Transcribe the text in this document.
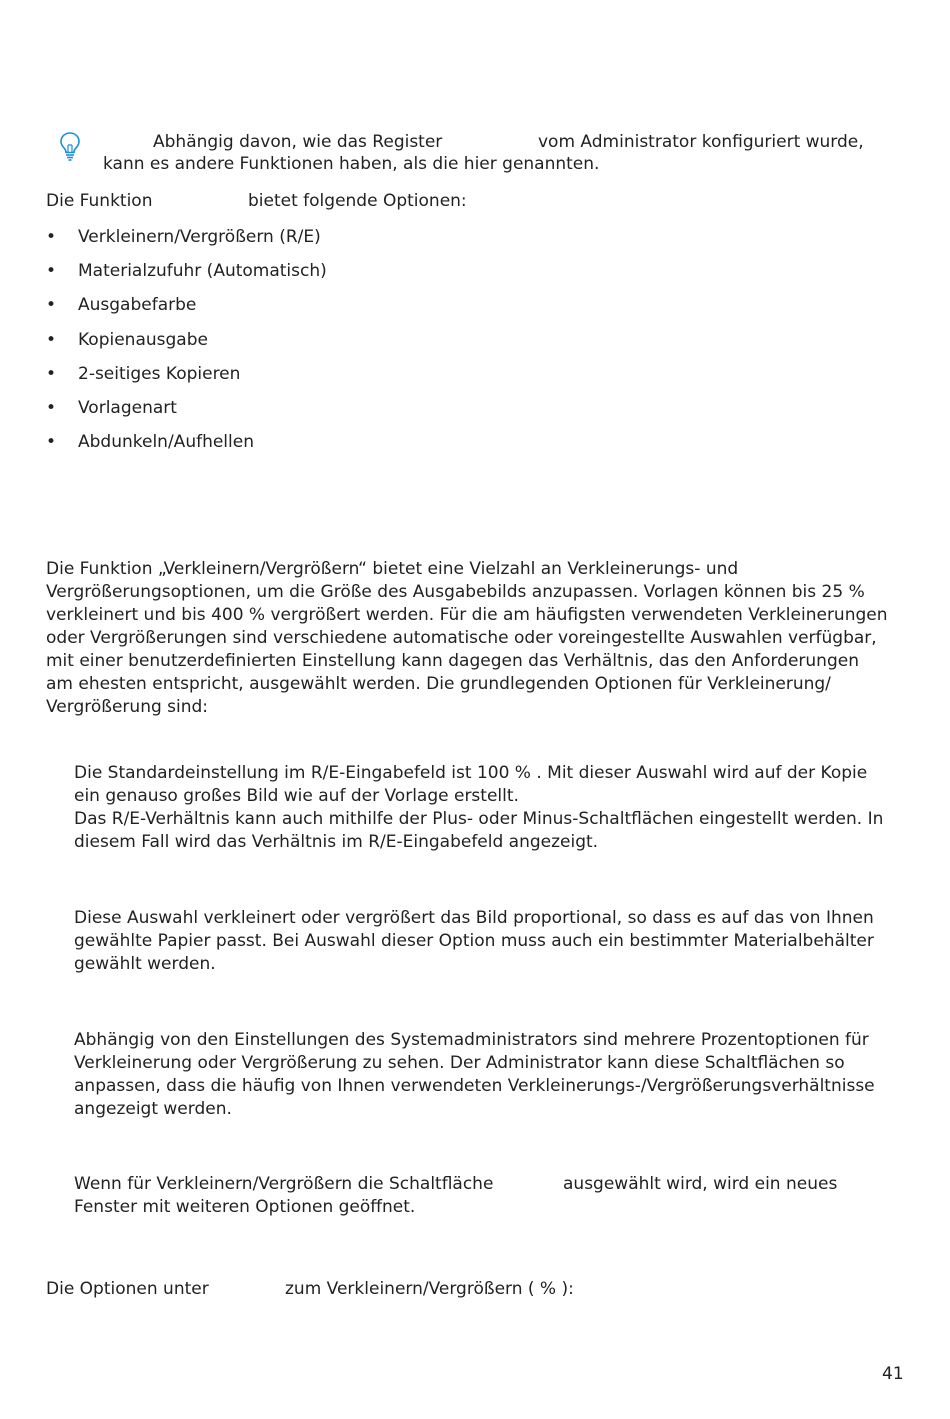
Abhängig davon, wie das Register	vom Administrator konfiguriert wurde,

kann es andere Funktionen haben, als die hier genannten.

Die Funktion	bietet folgende Optionen:

• Verkleinern/Vergrößern (R/E)
• Materialzufuhr (Automatisch)
• Ausgabefarbe
• Kopienausgabe
• 2-seitiges Kopieren
• Vorlagenart
• Abdunkeln/Aufhellen

Die Funktion „Verkleinern/Vergrößern“ bietet eine Vielzahl an Verkleinerungs- und

Vergrößerungsoptionen, um die Größe des Ausgabebilds anzupassen. Vorlagen können bis 25 %

verkleinert und bis 400 % vergrößert werden. Für die am häufigsten verwendeten Verkleinerungen

oder Vergrößerungen sind verschiedene automatische oder voreingestellte Auswahlen verfügbar,

mit einer benutzerdefinierten Einstellung kann dagegen das Verhältnis, das den Anforderungen

am ehesten entspricht, ausgewählt werden. Die grundlegenden Optionen für Verkleinerung/

Vergrößerung sind:

Die Standardeinstellung im R/E-Eingabefeld ist 100 % . Mit dieser Auswahl wird auf der Kopie

ein genauso großes Bild wie auf der Vorlage erstellt.

Das R/E-Verhältnis kann auch mithilfe der Plus- oder Minus-Schaltflächen eingestellt werden. In

diesem Fall wird das Verhältnis im R/E-Eingabefeld angezeigt.

Diese Auswahl verkleinert oder vergrößert das Bild proportional, so dass es auf das von Ihnen

gewählte Papier passt. Bei Auswahl dieser Option muss auch ein bestimmter Materialbehälter

gewählt werden.

Abhängig von den Einstellungen des Systemadministrators sind mehrere Prozentoptionen für

Verkleinerung oder Vergrößerung zu sehen. Der Administrator kann diese Schaltflächen so

anpassen, dass die häufig von Ihnen verwendeten Verkleinerungs-/Vergrößerungsverhältnisse

angezeigt werden.

Wenn für Verkleinern/Vergrößern die Schaltfläche	ausgewählt wird, wird ein neues

Fenster mit weiteren Optionen geöffnet.

Die Optionen unter	zum Verkleinern/Vergrößern ( % ):

41
